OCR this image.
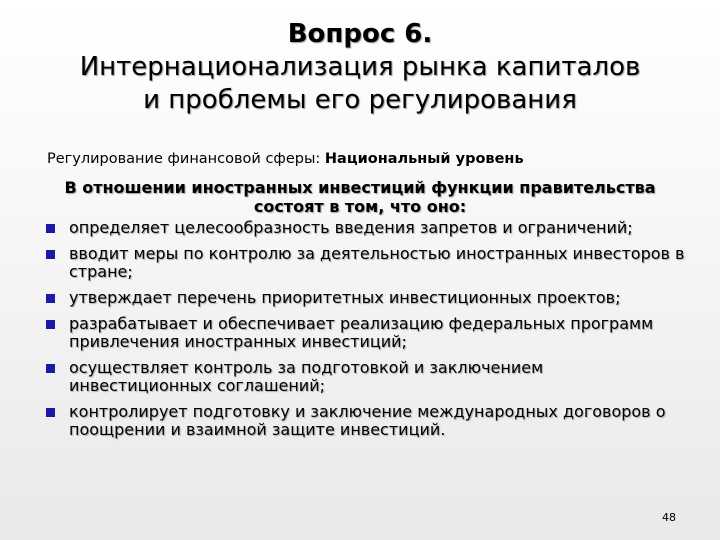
Вопрос 6.
Интернационализация рынка капиталов
и проблемы его регулирования
Регулирование финансовой сферы: Национальный уровень
В отношении иностранных инвестиций функции правительства состоят в том, что оно:
определяет целесообразность введения запретов и ограничений;
вводит меры по контролю за деятельностью иностранных инвесторов в стране;
утверждает перечень приоритетных инвестиционных проектов;
разрабатывает и обеспечивает реализацию федеральных программ привлечения иностранных инвестиций;
осуществляет контроль за подготовкой и заключением инвестиционных соглашений;
контролирует подготовку и заключение международных договоров о поощрении и взаимной защите инвестиций.
48
